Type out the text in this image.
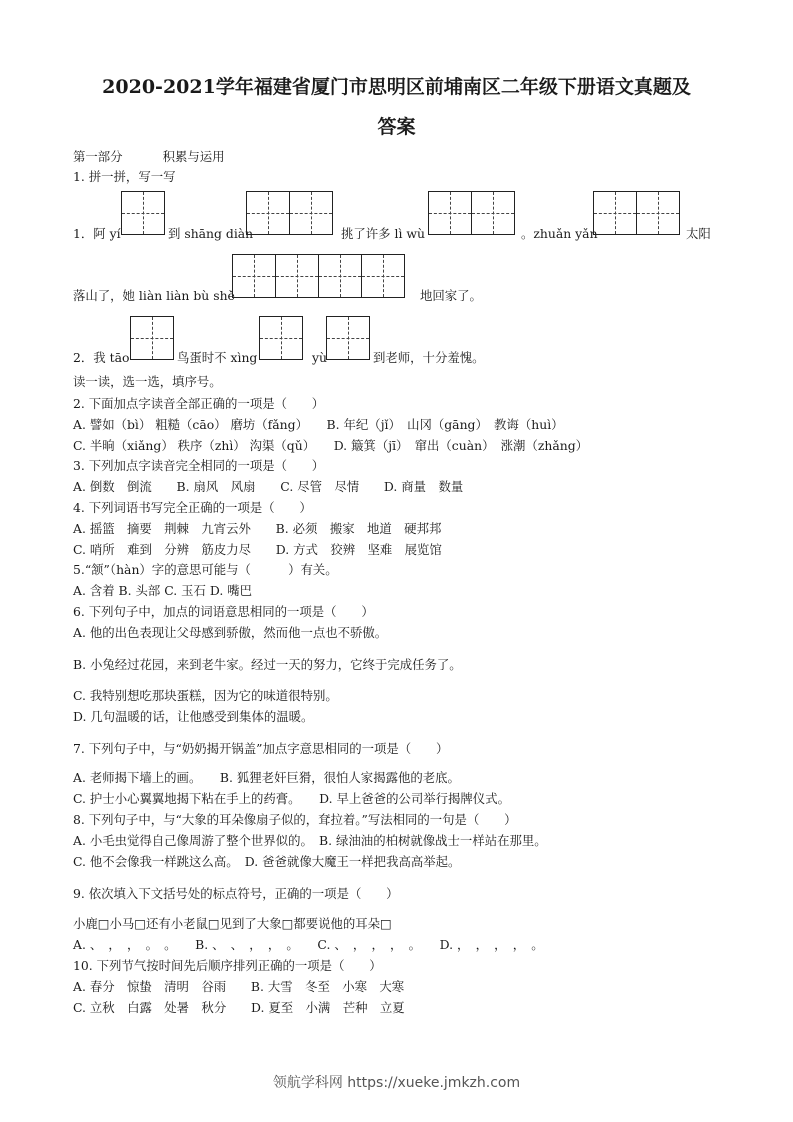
2020-2021学年福建省厦门市思明区前埔南区二年级下册语文真题及
答案
第一部分	积累与运用
1. 拼一拼，写一写
1．阿 yí	到 shāng diàn	挑了许多 lì wù	。zhuǎn yǎn	太阳
落山了，她 liàn liàn bù shě	地回家了。
2．我 tāo	鸟蛋时不 xìng	yù	到老师，十分羞愧。
读一读，选一选，填序号。
2. 下面加点字读音全部正确的一项是（　　）
A. 譬如（bì） 粗糙（cāo） 磨坊（fǎng）　　B. 年纪（jǐ）　山冈（gāng）　教诲（huì）
C. 半晌（xiǎng） 秩序（zhì） 沟渠（qǔ）　　D. 簸箕（jī）　窜出（cuàn）　涨潮（zhǎng）
3. 下列加点字读音完全相同的一项是（　　）
A. 倒数　倒流　　B. 扇风　风扇　　C. 尽管　尽情　　D. 商量　数量
4. 下列词语书写完全正确的一项是（　　）
A. 摇篮　摘要　荆棘　九宵云外　　B. 必须　搬家　地道　硬邦邦
C. 哨所　难到　分辨　筋皮力尽　　D. 方式　狡辨　坚难　展览馆
5.“颔”（hàn）字的意思可能与（　　　）有关。
A. 含着 B. 头部 C. 玉石 D. 嘴巴
6. 下列句子中，加点的词语意思相同的一项是（　　）
A. 他的出色表现让父母感到骄傲，然而他一点也不骄傲。
B. 小兔经过花园，来到老牛家。经过一天的努力，它终于完成任务了。
C. 我特别想吃那块蛋糕，因为它的味道很特别。
D. 几句温暖的话，让他感受到集体的温暖。
7. 下列句子中，与“奶奶揭开锅盖”加点字意思相同的一项是（　　）
A. 老师揭下墙上的画。　　B. 狐狸老奸巨猾，很怕人家揭露他的老底。
C. 护士小心翼翼地揭下粘在手上的药膏。　　D. 早上爸爸的公司举行揭牌仪式。
8. 下列句子中，与“大象的耳朵像扇子似的，耷拉着。”写法相同的一句是（　　）
A. 小毛虫觉得自己像周游了整个世界似的。　B. 绿油油的柏树就像战士一样站在那里。
C. 他不会像我一样跳这么高。　D. 爸爸就像大魔王一样把我高高举起。
9. 依次填入下文括号处的标点符号，正确的一项是（　　）
小鹿□小马□还有小老鼠□见到了大象□都要说他的耳朵□
A. 、　，　，　。　。　　B. 、　、　，　，　。　　C. 、　，　，　，　。　　D. ，　，　，　，　。
10. 下列节气按时间先后顺序排列正确的一项是（　　）
A. 春分　惊蛰　清明　谷雨　　B. 大雪　冬至　小寒　大寒
C. 立秋　白露　处暑　秋分　　D. 夏至　小满　芒种　立夏
领航学科网 https://xueke.jmkzh.com
